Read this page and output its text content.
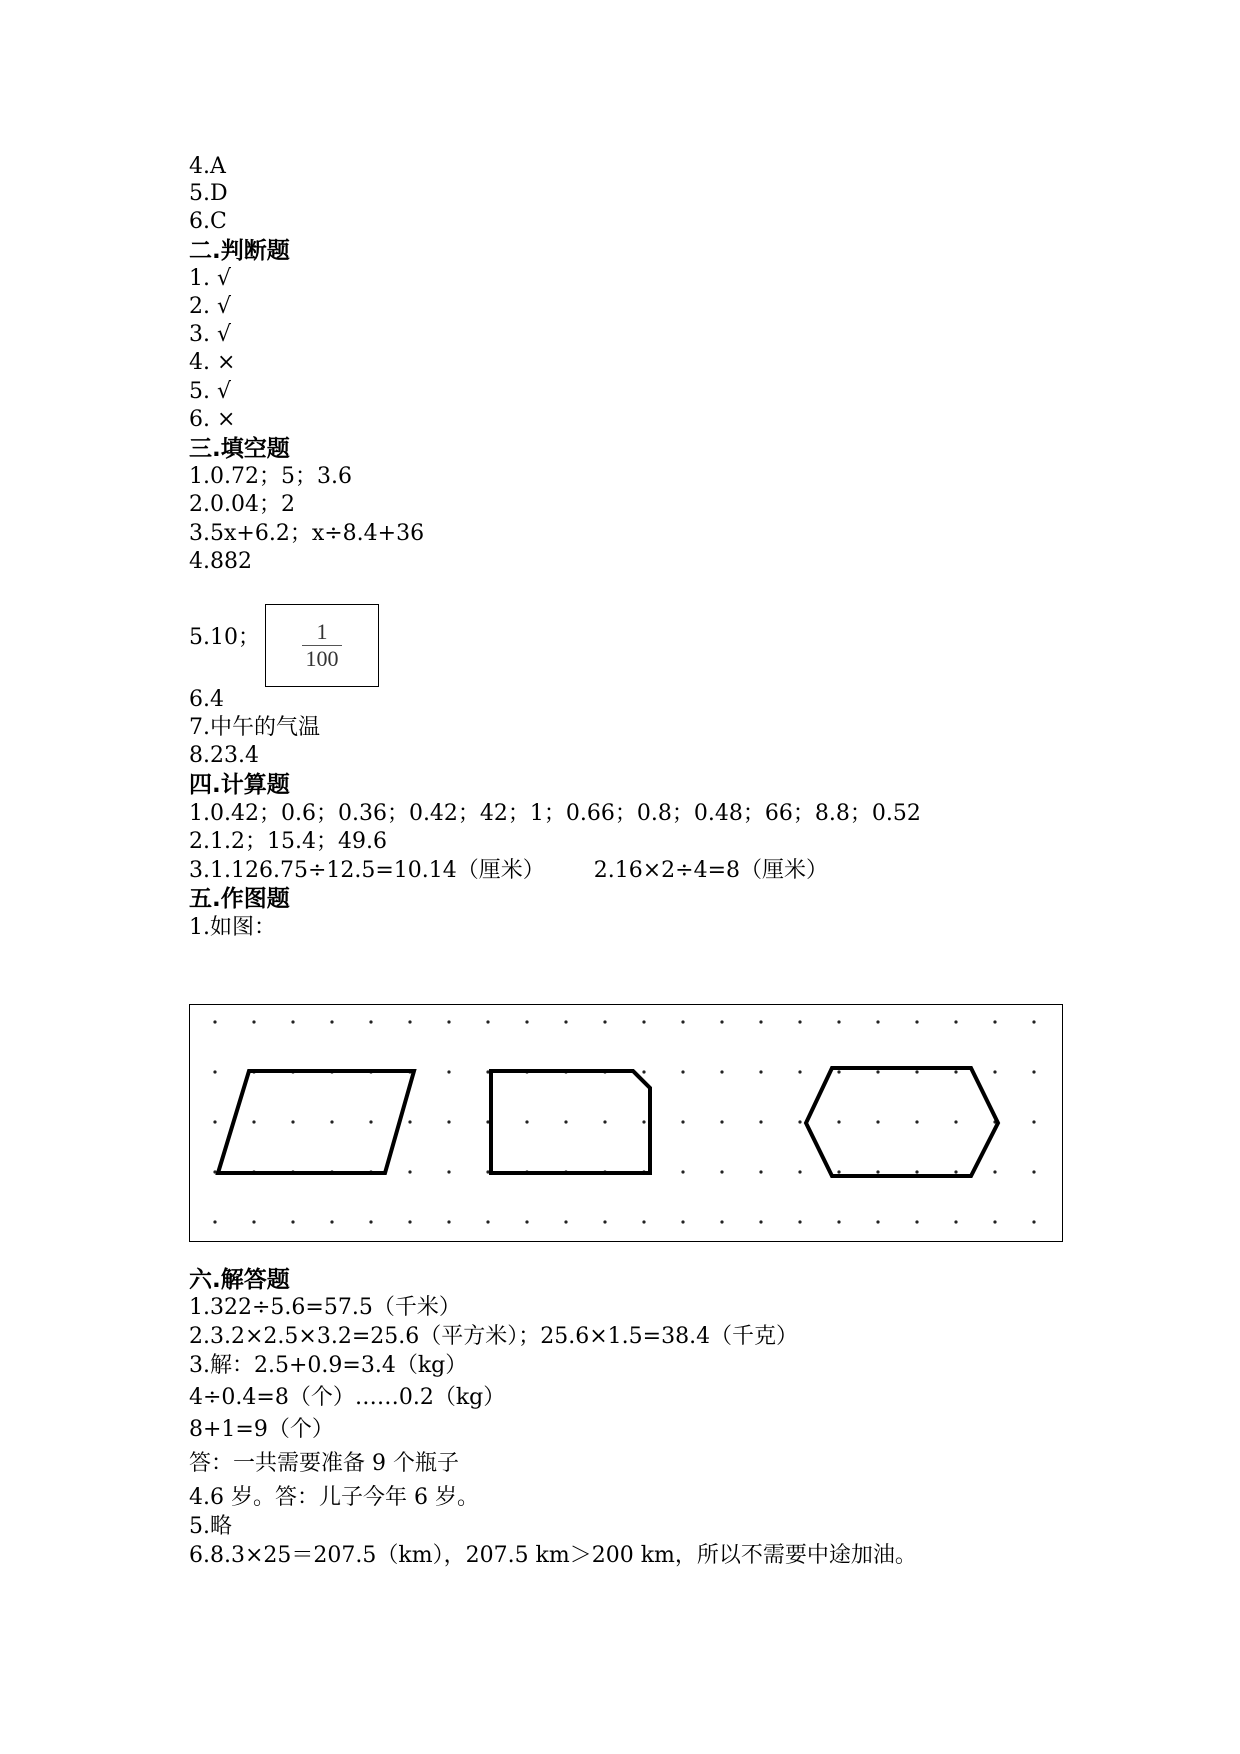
4.A
5.D
6.C
二.判断题
1. √
2. √
3. √
4. ×
5. √
6. ×
三.填空题
1.0.72；5；3.6
2.0.04；2
3.5x+6.2；x÷8.4+36
4.882
5.10；
6.4
7.中午的气温
8.23.4
四.计算题
1.0.42；0.6；0.36；0.42；42；1；0.66；0.8；0.48；66；8.8；0.52
2.1.2；15.4；49.6
3.1.126.75÷12.5=10.14（厘米）       2.16×2÷4=8（厘米）
五.作图题
1.如图：
六.解答题
1.322÷5.6=57.5（千米）
2.3.2×2.5×3.2=25.6（平方米）；25.6×1.5=38.4（千克）
3.解：2.5+0.9=3.4（kg）
4÷0.4=8（个）……0.2（kg）
8+1=9（个）
答：一共需要准备 9 个瓶子
4.6 岁。答：儿子今年 6 岁。
5.略
6.8.3×25＝207.5（km），207.5 km＞200 km，所以不需要中途加油。
$\frac{1}{100}$
